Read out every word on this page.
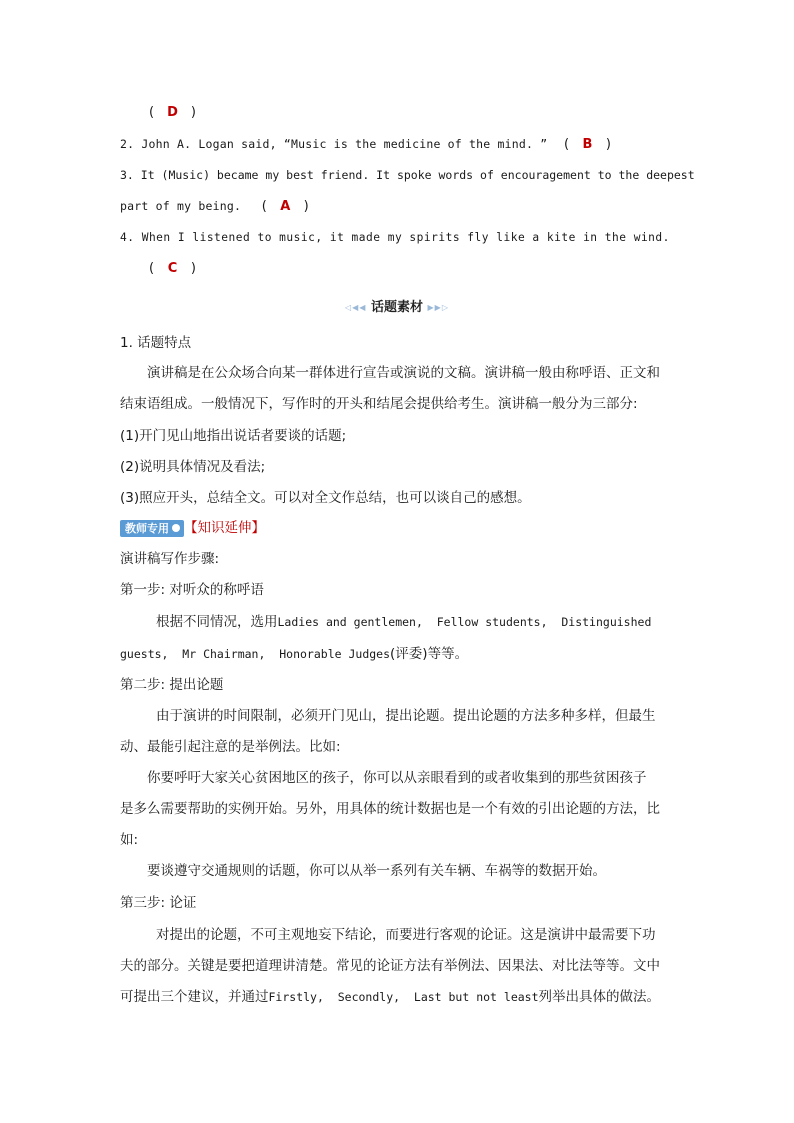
( D )
2. John A. Logan said, “Music is the medicine of the mind. ” ( B )
3. It (Music) became my best friend. It spoke words of encouragement to the deepest
part of my being. ( A )
4. When I listened to music, it made my spirits fly like a kite in the wind.
( C )
◁◀◀ 话题素材 ▶▶▷
1. 话题特点
演讲稿是在公众场合向某一群体进行宣告或演说的文稿。演讲稿一般由称呼语、正文和
结束语组成。一般情况下，写作时的开头和结尾会提供给考生。演讲稿一般分为三部分:
(1)开门见山地指出说话者要谈的话题;
(2)说明具体情况及看法;
(3)照应开头，总结全文。可以对全文作总结，也可以谈自己的感想。
教师专用 【知识延伸】
演讲稿写作步骤:
第一步: 对听众的称呼语
根据不同情况，选用Ladies and gentlemen,  Fellow students,  Distinguished
guests,  Mr Chairman,  Honorable Judges(评委)等等。
第二步: 提出论题
由于演讲的时间限制，必须开门见山，提出论题。提出论题的方法多种多样，但最生
动、最能引起注意的是举例法。比如:
你要呼吁大家关心贫困地区的孩子，你可以从亲眼看到的或者收集到的那些贫困孩子
是多么需要帮助的实例开始。另外，用具体的统计数据也是一个有效的引出论题的方法，比
如:
要谈遵守交通规则的话题，你可以从举一系列有关车辆、车祸等的数据开始。
第三步: 论证
对提出的论题，不可主观地妄下结论，而要进行客观的论证。这是演讲中最需要下功
夫的部分。关键是要把道理讲清楚。常见的论证方法有举例法、因果法、对比法等等。文中
可提出三个建议，并通过Firstly,  Secondly,  Last but not least列举出具体的做法。
